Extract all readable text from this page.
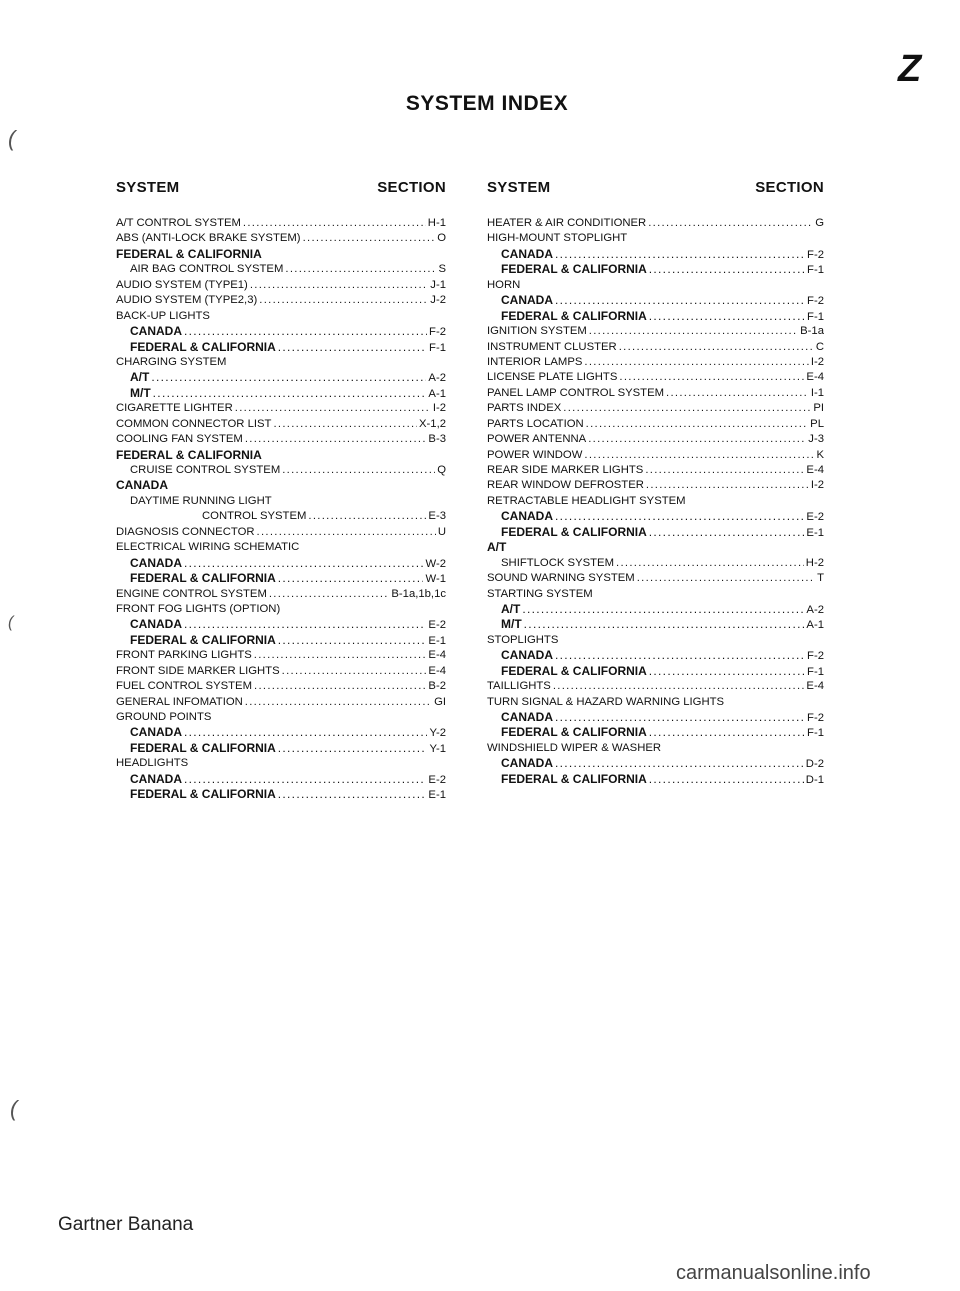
Z
SYSTEM INDEX
SYSTEM	SECTION
A/T CONTROL SYSTEM .....	H-1
ABS (ANTI-LOCK BRAKE SYSTEM) .....	O
FEDERAL & CALIFORNIA
AIR BAG CONTROL SYSTEM .....	S
AUDIO SYSTEM (TYPE1) .....	J-1
AUDIO SYSTEM (TYPE2,3) .....	J-2
BACK-UP LIGHTS
CANADA .....	F-2
FEDERAL & CALIFORNIA .....	F-1
CHARGING SYSTEM
A/T .....	A-2
M/T .....	A-1
CIGARETTE LIGHTER .....	I-2
COMMON CONNECTOR LIST .....	X-1,2
COOLING FAN SYSTEM .....	B-3
FEDERAL & CALIFORNIA
CRUISE CONTROL SYSTEM .....	Q
CANADA
DAYTIME RUNNING LIGHT
CONTROL SYSTEM .....	E-3
DIAGNOSIS CONNECTOR .....	U
ELECTRICAL WIRING SCHEMATIC
CANADA .....	W-2
FEDERAL & CALIFORNIA .....	W-1
ENGINE CONTROL SYSTEM .....	B-1a,1b,1c
FRONT FOG LIGHTS (OPTION)
CANADA .....	E-2
FEDERAL & CALIFORNIA .....	E-1
FRONT PARKING LIGHTS .....	E-4
FRONT SIDE MARKER LIGHTS .....	E-4
FUEL CONTROL SYSTEM .....	B-2
GENERAL INFOMATION .....	GI
GROUND POINTS
CANADA .....	Y-2
FEDERAL & CALIFORNIA .....	Y-1
HEADLIGHTS
CANADA .....	E-2
FEDERAL & CALIFORNIA .....	E-1
SYSTEM	SECTION
HEATER & AIR CONDITIONER .....	G
HIGH-MOUNT STOPLIGHT
CANADA .....	F-2
FEDERAL & CALIFORNIA .....	F-1
HORN
CANADA .....	F-2
FEDERAL & CALIFORNIA .....	F-1
IGNITION SYSTEM .....	B-1a
INSTRUMENT CLUSTER .....	C
INTERIOR LAMPS .....	I-2
LICENSE PLATE LIGHTS .....	E-4
PANEL LAMP CONTROL SYSTEM .....	I-1
PARTS INDEX .....	PI
PARTS LOCATION .....	PL
POWER ANTENNA .....	J-3
POWER WINDOW .....	K
REAR SIDE MARKER LIGHTS .....	E-4
REAR WINDOW DEFROSTER .....	I-2
RETRACTABLE HEADLIGHT SYSTEM
CANADA .....	E-2
FEDERAL & CALIFORNIA .....	E-1
A/T
SHIFTLOCK SYSTEM .....	H-2
SOUND WARNING SYSTEM .....	T
STARTING SYSTEM
A/T .....	A-2
M/T .....	A-1
STOPLIGHTS
CANADA .....	F-2
FEDERAL & CALIFORNIA .....	F-1
TAILLIGHTS .....	E-4
TURN SIGNAL & HAZARD WARNING LIGHTS
CANADA .....	F-2
FEDERAL & CALIFORNIA .....	F-1
WINDSHIELD WIPER & WASHER
CANADA .....	D-2
FEDERAL & CALIFORNIA .....	D-1
Gartner Banana
carmanualsonline.info
(
(
(
